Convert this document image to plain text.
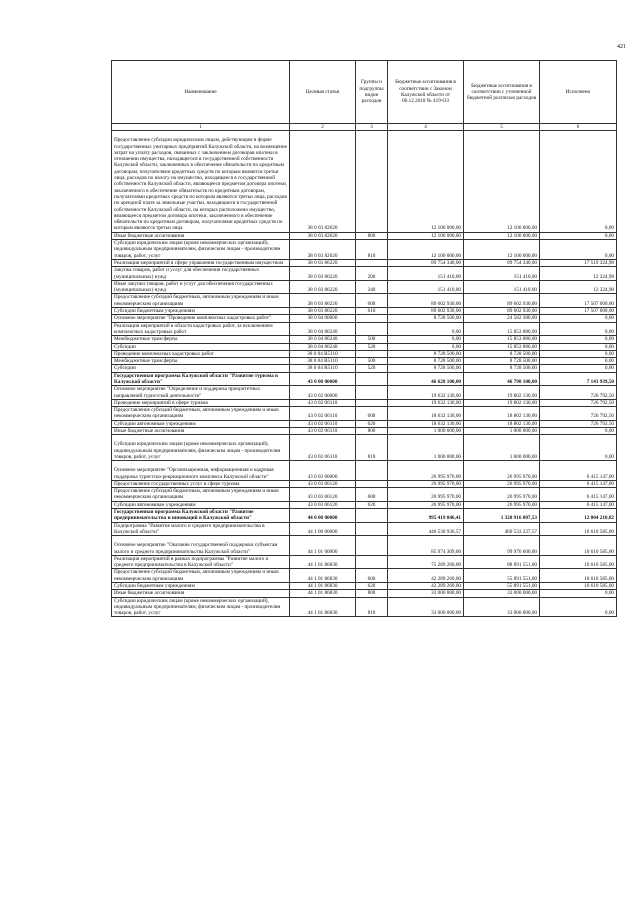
421
Наименование	Целевая статья	Группы и подгруппы видов расходов	Бюджетные ассигнования в соответствии с Законом Калужской области от 06.12.2018 № 419-ОЗ	Бюджетные ассигнования в соответствии с уточненной бюджетной росписью расходов	Исполнено
1	2	3	4	5	6
Предоставление субсидии юридическим лицам, действующим в форме государственных унитарных предприятий Калужской области, на возмещение затрат на уплату расходов, связанных с заключением договоров ипотеки в отношении имущества, находящегося в государственной собственности Калужской области, заключенных в обеспечение обязательств по кредитным договорам, получателями кредитных средств по которым являются третьи лица, расходов по налогу на имущество, находящееся в государственной собственности Калужской области, являющееся предметом договора ипотеки, заключенного в обеспечение обязательств по кредитным договорам, получателями кредитных средств по которым являются третьи лица, расходов по арендной плате за земельные участки, находящиеся в государственной собственности Калужской области, на которых расположено имущество, являющееся предметом договора ипотеки, заключенного в обеспечение обязательств по кредитным договорам, получателями кредитных средств по которым являются третьи лица	38 0 03 82620		12 100 000,00	12 100 000,00	0,00
Иные бюджетные ассигнования	38 0 03 82620	800	12 100 000,00	12 100 000,00	0,00
Субсидии юридическим лицам (кроме некоммерческих организаций), индивидуальным предпринимателям, физическим лицам - производителям товаров, работ, услуг	38 0 03 82620	810	12 100 000,00	12 100 000,00	0,00
Реализация мероприятий в сфере управления государственным имуществом	38 0 03 86220		89 754 340,00	89 754 340,00	17 519 324,98
Закупка товаров, работ и услуг для обеспечения государственных (муниципальных) нужд	38 0 03 86220	200	151 410,00	151 410,00	12 324,98
Иные закупки товаров, работ и услуг для обеспечения государственных (муниципальных) нужд	38 0 03 86220	240	151 410,00	151 410,00	12 324,98
Предоставление субсидий бюджетным, автономным учреждениям и иным некоммерческим организациям	38 0 03 86220	600	89 602 930,00	89 602 930,00	17 507 000,00
Субсидии бюджетным учреждениям	38 0 03 86220	610	89 602 930,00	89 602 930,00	17 507 000,00
Основное мероприятие "Проведение комплексных кадастровых работ"	38 0 04 00000		8 728 500,00	24 582 380,00	0,00
Реализация мероприятий в области кадастровых работ, за исключением комплексных кадастровых работ	38 0 04 86240		0,00	15 853 880,00	0,00
Межбюджетные трансферты	38 0 04 86240	500	0,00	15 853 880,00	0,00
Субсидии	38 0 04 86240	520	0,00	15 853 880,00	0,00
Проведение комплексных кадастровых работ	38 0 04 R5110		8 728 500,00	8 728 500,00	0,00
Межбюджетные трансферты	38 0 04 R5110	500	8 728 500,00	8 728 500,00	0,00
Субсидии	38 0 04 R5110	520	8 728 500,00	8 728 500,00	0,00
Государственная программа Калужской области "Развитие туризма в Калужской области"	43 0 00 00000		46 628 100,00	46 798 100,00	7 141 939,50
Основное мероприятие "Определение и поддержка приоритетных направлений туристской деятельности"	43 0 02 00000		19 632 130,00	19 802 130,00	726 792,50
Проведение мероприятий в сфере туризма	43 0 02 06110		19 632 130,00	19 802 130,00	726 792,50
Предоставление субсидий бюджетным, автономным учреждениям и иным некоммерческим организациям	43 0 02 06110	600	18 632 130,00	18 802 130,00	726 792,50
Субсидии автономным учреждениям	43 0 02 06110	620	18 632 130,00	18 802 130,00	726 792,50
Иные бюджетные ассигнования	43 0 02 06110	800	1 000 000,00	1 000 000,00	0,00
Субсидии юридическим лицам (кроме некоммерческих организаций), индивидуальным предпринимателям, физическим лицам - производителям товаров, работ, услуг	43 0 02 06110	810	1 000 000,00	1 000 000,00	0,00
Основное мероприятие "Организационная, информационная и кадровая поддержка туристско-рекреационного комплекса Калужской области"	43 0 03 00000		26 995 970,00	26 995 970,00	6 415 147,00
Предоставление государственных услуг в сфере туризма	43 0 03 06120		26 995 970,00	26 995 970,00	6 415 147,00
Предоставление субсидий бюджетным, автономным учреждениям и иным некоммерческим организациям	43 0 03 06120	600	26 995 970,00	26 995 970,00	6 415 147,00
Субсидии автономным учреждениям	43 0 03 06120	620	26 995 970,00	26 995 970,00	6 415 147,00
Государственная программа Калужской области "Развитие предпринимательства и инноваций в Калужской области"	44 0 00 00000		995 419 846,41	1 320 916 007,53	12 004 210,82
Подпрограмма "Развитие малого и среднего предпринимательства в Калужской области"	44 1 00 00000		446 530 936,57	460 533 227,57	10 610 585,00
Основное мероприятие "Оказание государственной поддержки субъектам малого и среднего предпринимательства Калужской области"	44 1 01 00000		85 974 309,00	99 976 600,00	10 610 585,00
Реализация мероприятий в рамках подпрограммы "Развитие малого и среднего предпринимательства в Калужской области"	44 1 01 86830		75 289 260,00	88 891 551,00	10 610 585,00
Предоставление субсидий бюджетным, автономным учреждениям и иным некоммерческим организациям	44 1 01 86830	600	42 289 260,00	55 891 551,00	10 610 585,00
Субсидии бюджетным учреждениям	44 1 01 86830	620	42 289 260,00	55 891 551,00	10 610 585,00
Иные бюджетные ассигнования	44 1 01 86830	800	33 000 000,00	33 000 000,00	0,00
Субсидии юридическим лицам (кроме некоммерческих организаций), индивидуальным предпринимателям, физическим лицам - производителям товаров, работ, услуг	44 1 01 86830	810	33 000 000,00	33 000 000,00	0,00
